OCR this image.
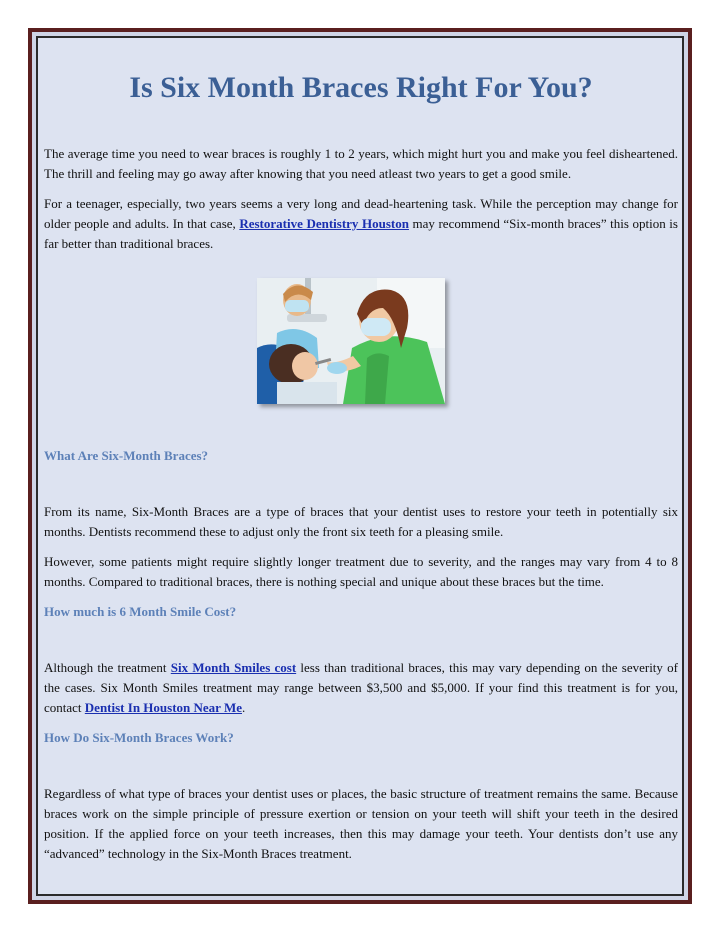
Is Six Month Braces Right For You?

The average time you need to wear braces is roughly 1 to 2 years, which might hurt you and make you feel disheartened. The thrill and feeling may go away after knowing that you need atleast two years to get a good smile.

For a teenager, especially, two years seems a very long and dead-heartening task. While the perception may change for older people and adults. In that case, Restorative Dentistry Houston may recommend “Six-month braces” this option is far better than traditional braces.

What Are Six-Month Braces?

From its name, Six-Month Braces are a type of braces that your dentist uses to restore your teeth in potentially six months. Dentists recommend these to adjust only the front six teeth for a pleasing smile.

However, some patients might require slightly longer treatment due to severity, and the ranges may vary from 4 to 8 months. Compared to traditional braces, there is nothing special and unique about these braces but the time.

How much is 6 Month Smile Cost?

Although the treatment Six Month Smiles cost less than traditional braces, this may vary depending on the severity of the cases. Six Month Smiles treatment may range between $3,500 and $5,000. If your find this treatment is for you, contact Dentist In Houston Near Me.

How Do Six-Month Braces Work?

Regardless of what type of braces your dentist uses or places, the basic structure of treatment remains the same. Because braces work on the simple principle of pressure exertion or tension on your teeth will shift your teeth in the desired position. If the applied force on your teeth increases, then this may damage your teeth. Your dentists don’t use any “advanced” technology in the Six-Month Braces treatment.
